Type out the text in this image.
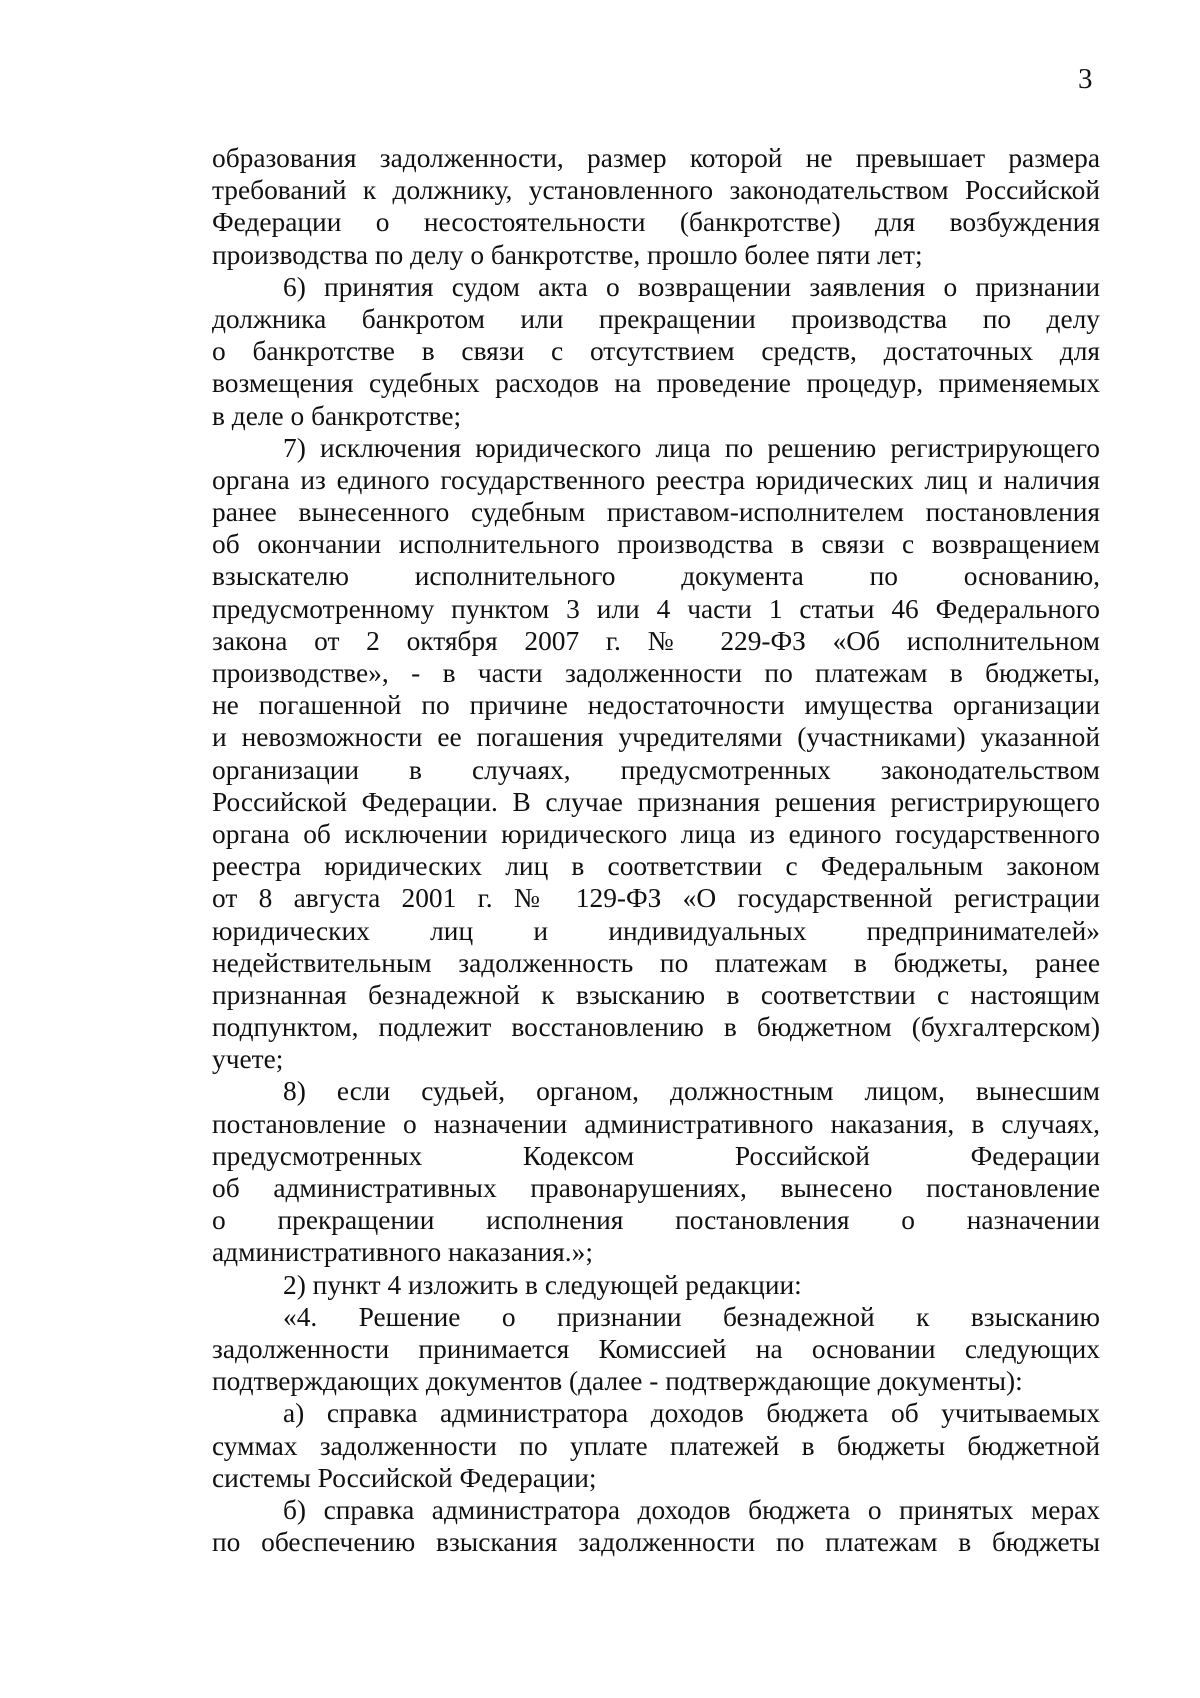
3
образования задолженности, размер которой не превышает размера
требований к должнику, установленного законодательством Российской
Федерации о несостоятельности (банкротстве) для возбуждения
производства по делу о банкротстве, прошло более пяти лет;
6) принятия судом акта о возвращении заявления о признании
должника банкротом или прекращении производства по делу
о банкротстве в связи с отсутствием средств, достаточных для
возмещения судебных расходов на проведение процедур, применяемых
в деле о банкротстве;
7) исключения юридического лица по решению регистрирующего
органа из единого государственного реестра юридических лиц и наличия
ранее вынесенного судебным приставом-исполнителем постановления
об окончании исполнительного производства в связи с возвращением
взыскателю исполнительного документа по основанию,
предусмотренному пунктом 3 или 4 части 1 статьи 46 Федерального
закона от 2 октября 2007 г. № 229-ФЗ «Об исполнительном
производстве», - в части задолженности по платежам в бюджеты,
не погашенной по причине недостаточности имущества организации
и невозможности ее погашения учредителями (участниками) указанной
организации в случаях, предусмотренных законодательством
Российской Федерации. В случае признания решения регистрирующего
органа об исключении юридического лица из единого государственного
реестра юридических лиц в соответствии с Федеральным законом
от 8 августа 2001 г. № 129-ФЗ «О государственной регистрации
юридических лиц и индивидуальных предпринимателей»
недействительным задолженность по платежам в бюджеты, ранее
признанная безнадежной к взысканию в соответствии с настоящим
подпунктом, подлежит восстановлению в бюджетном (бухгалтерском)
учете;
8) если судьей, органом, должностным лицом, вынесшим
постановление о назначении административного наказания, в случаях,
предусмотренных Кодексом Российской Федерации
об административных правонарушениях, вынесено постановление
о прекращении исполнения постановления о назначении
административного наказания.»;
2) пункт 4 изложить в следующей редакции:
«4. Решение о признании безнадежной к взысканию
задолженности принимается Комиссией на основании следующих
подтверждающих документов (далее - подтверждающие документы):
а) справка администратора доходов бюджета об учитываемых
суммах задолженности по уплате платежей в бюджеты бюджетной
системы Российской Федерации;
б) справка администратора доходов бюджета о принятых мерах
по обеспечению взыскания задолженности по платежам в бюджеты
